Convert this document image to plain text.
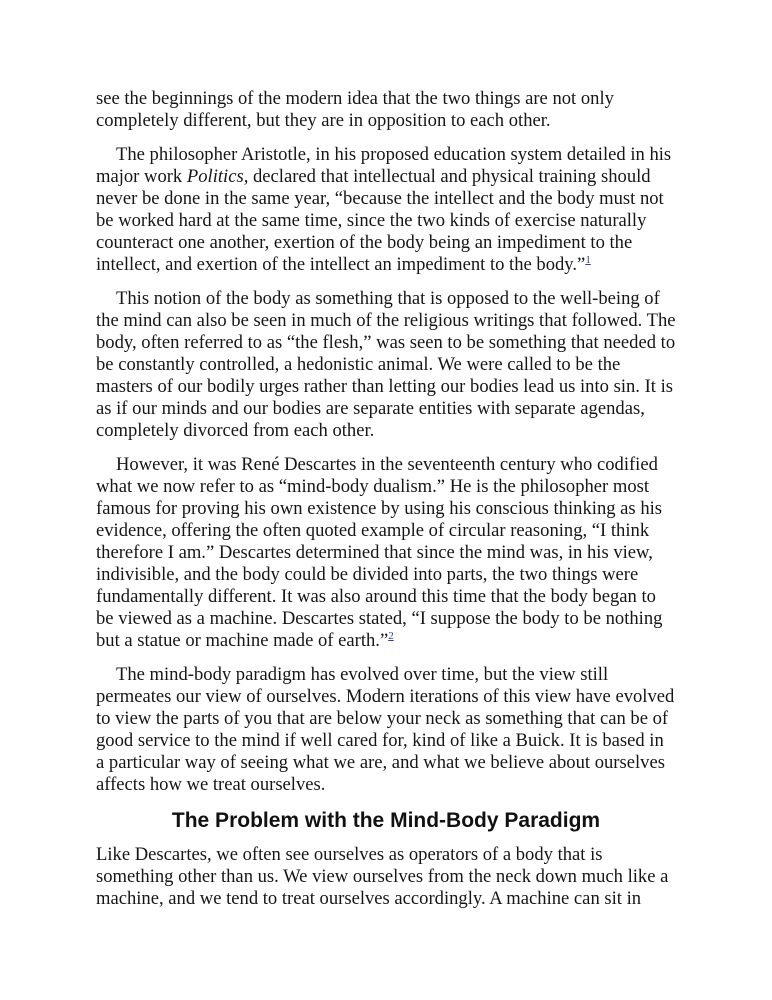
see the beginnings of the modern idea that the two things are not only completely different, but they are in opposition to each other.

The philosopher Aristotle, in his proposed education system detailed in his major work Politics, declared that intellectual and physical training should never be done in the same year, “because the intellect and the body must not be worked hard at the same time, since the two kinds of exercise naturally counteract one another, exertion of the body being an impediment to the intellect, and exertion of the intellect an impediment to the body.”$^1$

This notion of the body as something that is opposed to the well-being of the mind can also be seen in much of the religious writings that followed. The body, often referred to as “the flesh,” was seen to be something that needed to be constantly controlled, a hedonistic animal. We were called to be the masters of our bodily urges rather than letting our bodies lead us into sin. It is as if our minds and our bodies are separate entities with separate agendas, completely divorced from each other.

However, it was René Descartes in the seventeenth century who codified what we now refer to as “mind-body dualism.” He is the philosopher most famous for proving his own existence by using his conscious thinking as his evidence, offering the often quoted example of circular reasoning, “I think therefore I am.” Descartes determined that since the mind was, in his view, indivisible, and the body could be divided into parts, the two things were fundamentally different. It was also around this time that the body began to be viewed as a machine. Descartes stated, “I suppose the body to be nothing but a statue or machine made of earth.”$^2$

The mind-body paradigm has evolved over time, but the view still permeates our view of ourselves. Modern iterations of this view have evolved to view the parts of you that are below your neck as something that can be of good service to the mind if well cared for, kind of like a Buick. It is based in a particular way of seeing what we are, and what we believe about ourselves affects how we treat ourselves.

The Problem with the Mind-Body Paradigm

Like Descartes, we often see ourselves as operators of a body that is something other than us. We view ourselves from the neck down much like a machine, and we tend to treat ourselves accordingly. A machine can sit in
